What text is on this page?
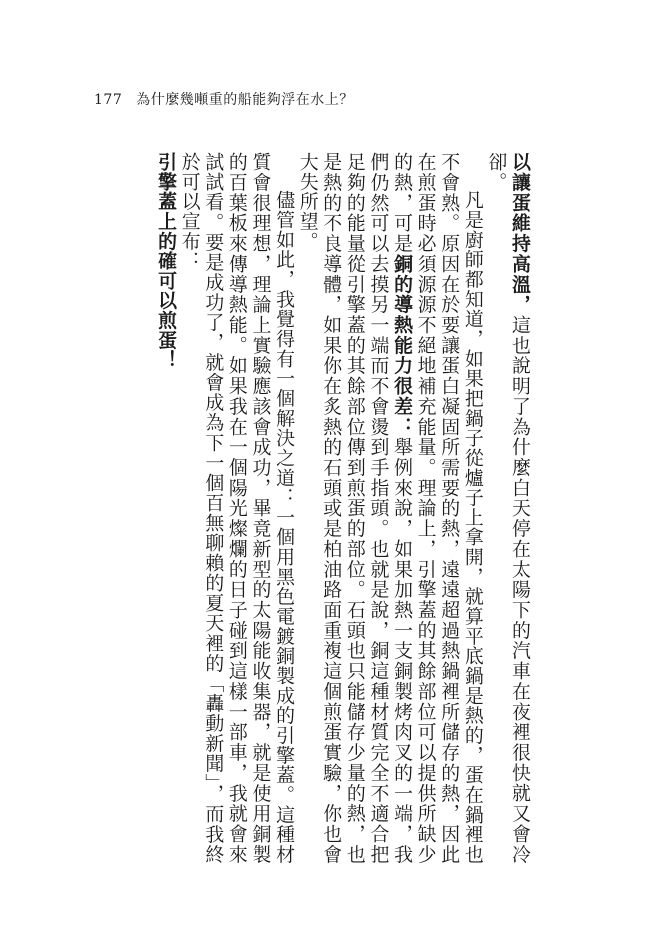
177 為什麼幾噸重的船能夠浮在水上？

以讓蛋維持高溫，這也說明了為什麼白天停在太陽下的汽車在夜裡很快就又會冷卻。

凡是廚師都知道，如果把鍋子從爐子上拿開，就算平底鍋是熱的，蛋在鍋裡也不會熟。原因在於要讓蛋白凝固所需要的熱，遠遠超過熱鍋裡所儲存的熱，因此在煎蛋時必須源源不絕地補充能量。理論上，引擎蓋的其餘部位可以提供所缺少的熱，可是銅的導熱能力很差：舉例來說，如果加熱一支銅製烤肉叉的一端，我們仍然可以去摸另一端而不會燙到手指頭。也就是說，銅這種材質完全不適合把足夠的能量從引擎蓋的其餘部位傳到煎蛋的部位。石頭也只能儲存少量的熱，也是熱的不良導體，如果你在炙熱的石頭或是柏油路面重複這個煎蛋實驗，你也會大失所望。

儘管如此，我覺得有一個解決之道：一個用黑色電鍍銅製成的引擎蓋。這種材質會很理想，理論上實驗應該會成功，畢竟新型的太陽能收集器，就是使用銅製的百葉板來傳導熱能。如果我在一個陽光燦爛的日子碰到這樣一部車，我就會來試試看。要是成功了，就會成為下一個百無聊賴的夏天裡的「轟動新聞」，而我終於可以宣布：

引擎蓋上的確可以煎蛋！
